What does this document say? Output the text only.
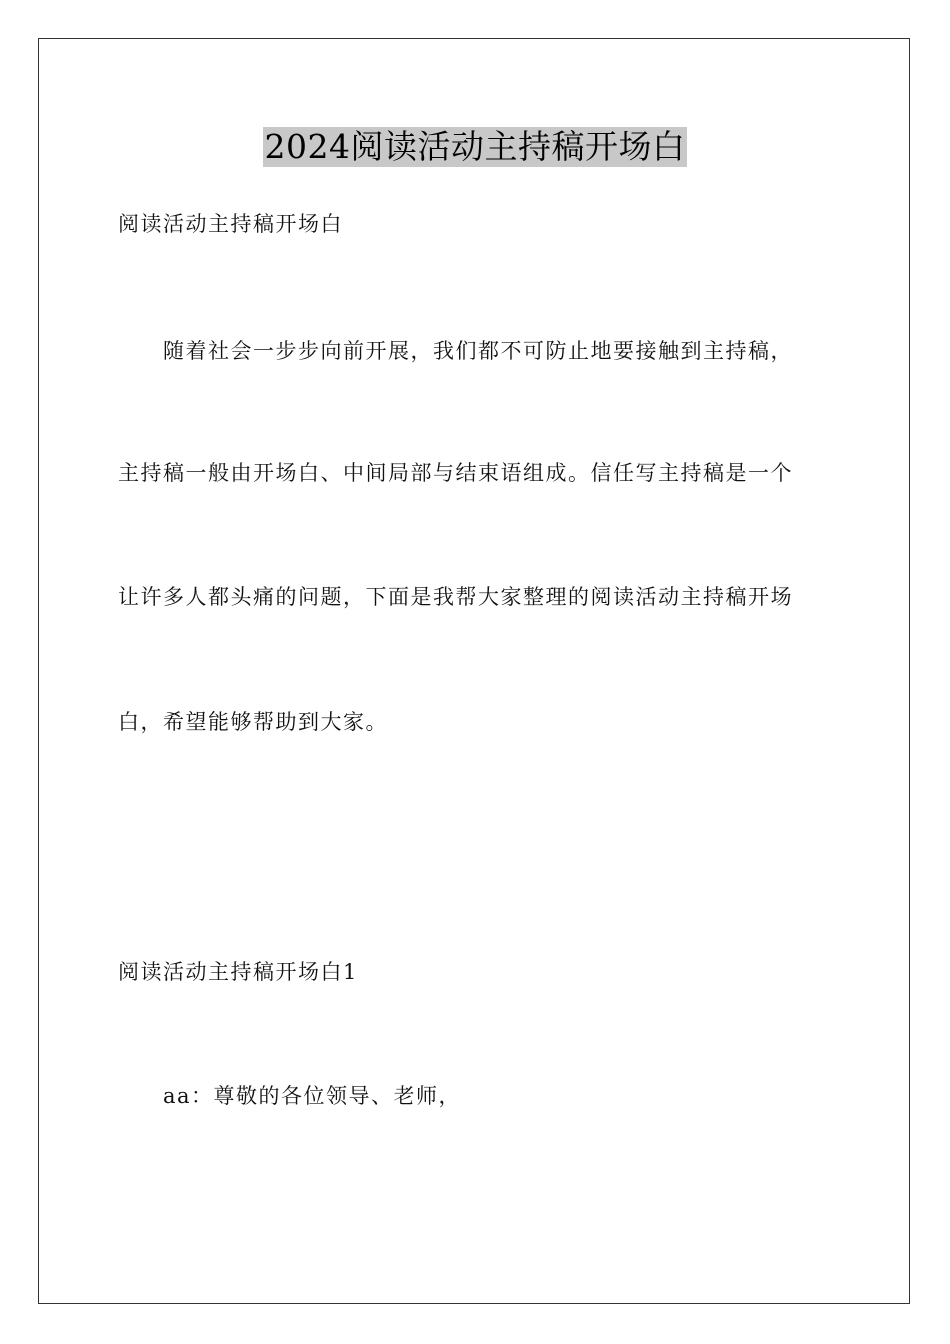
2024阅读活动主持稿开场白
阅读活动主持稿开场白
随着社会一步步向前开展，我们都不可防止地要接触到主持稿，
主持稿一般由开场白、中间局部与结束语组成。信任写主持稿是一个
让许多人都头痛的问题，下面是我帮大家整理的阅读活动主持稿开场
白，希望能够帮助到大家。
阅读活动主持稿开场白1
aa：尊敬的各位领导、老师，
